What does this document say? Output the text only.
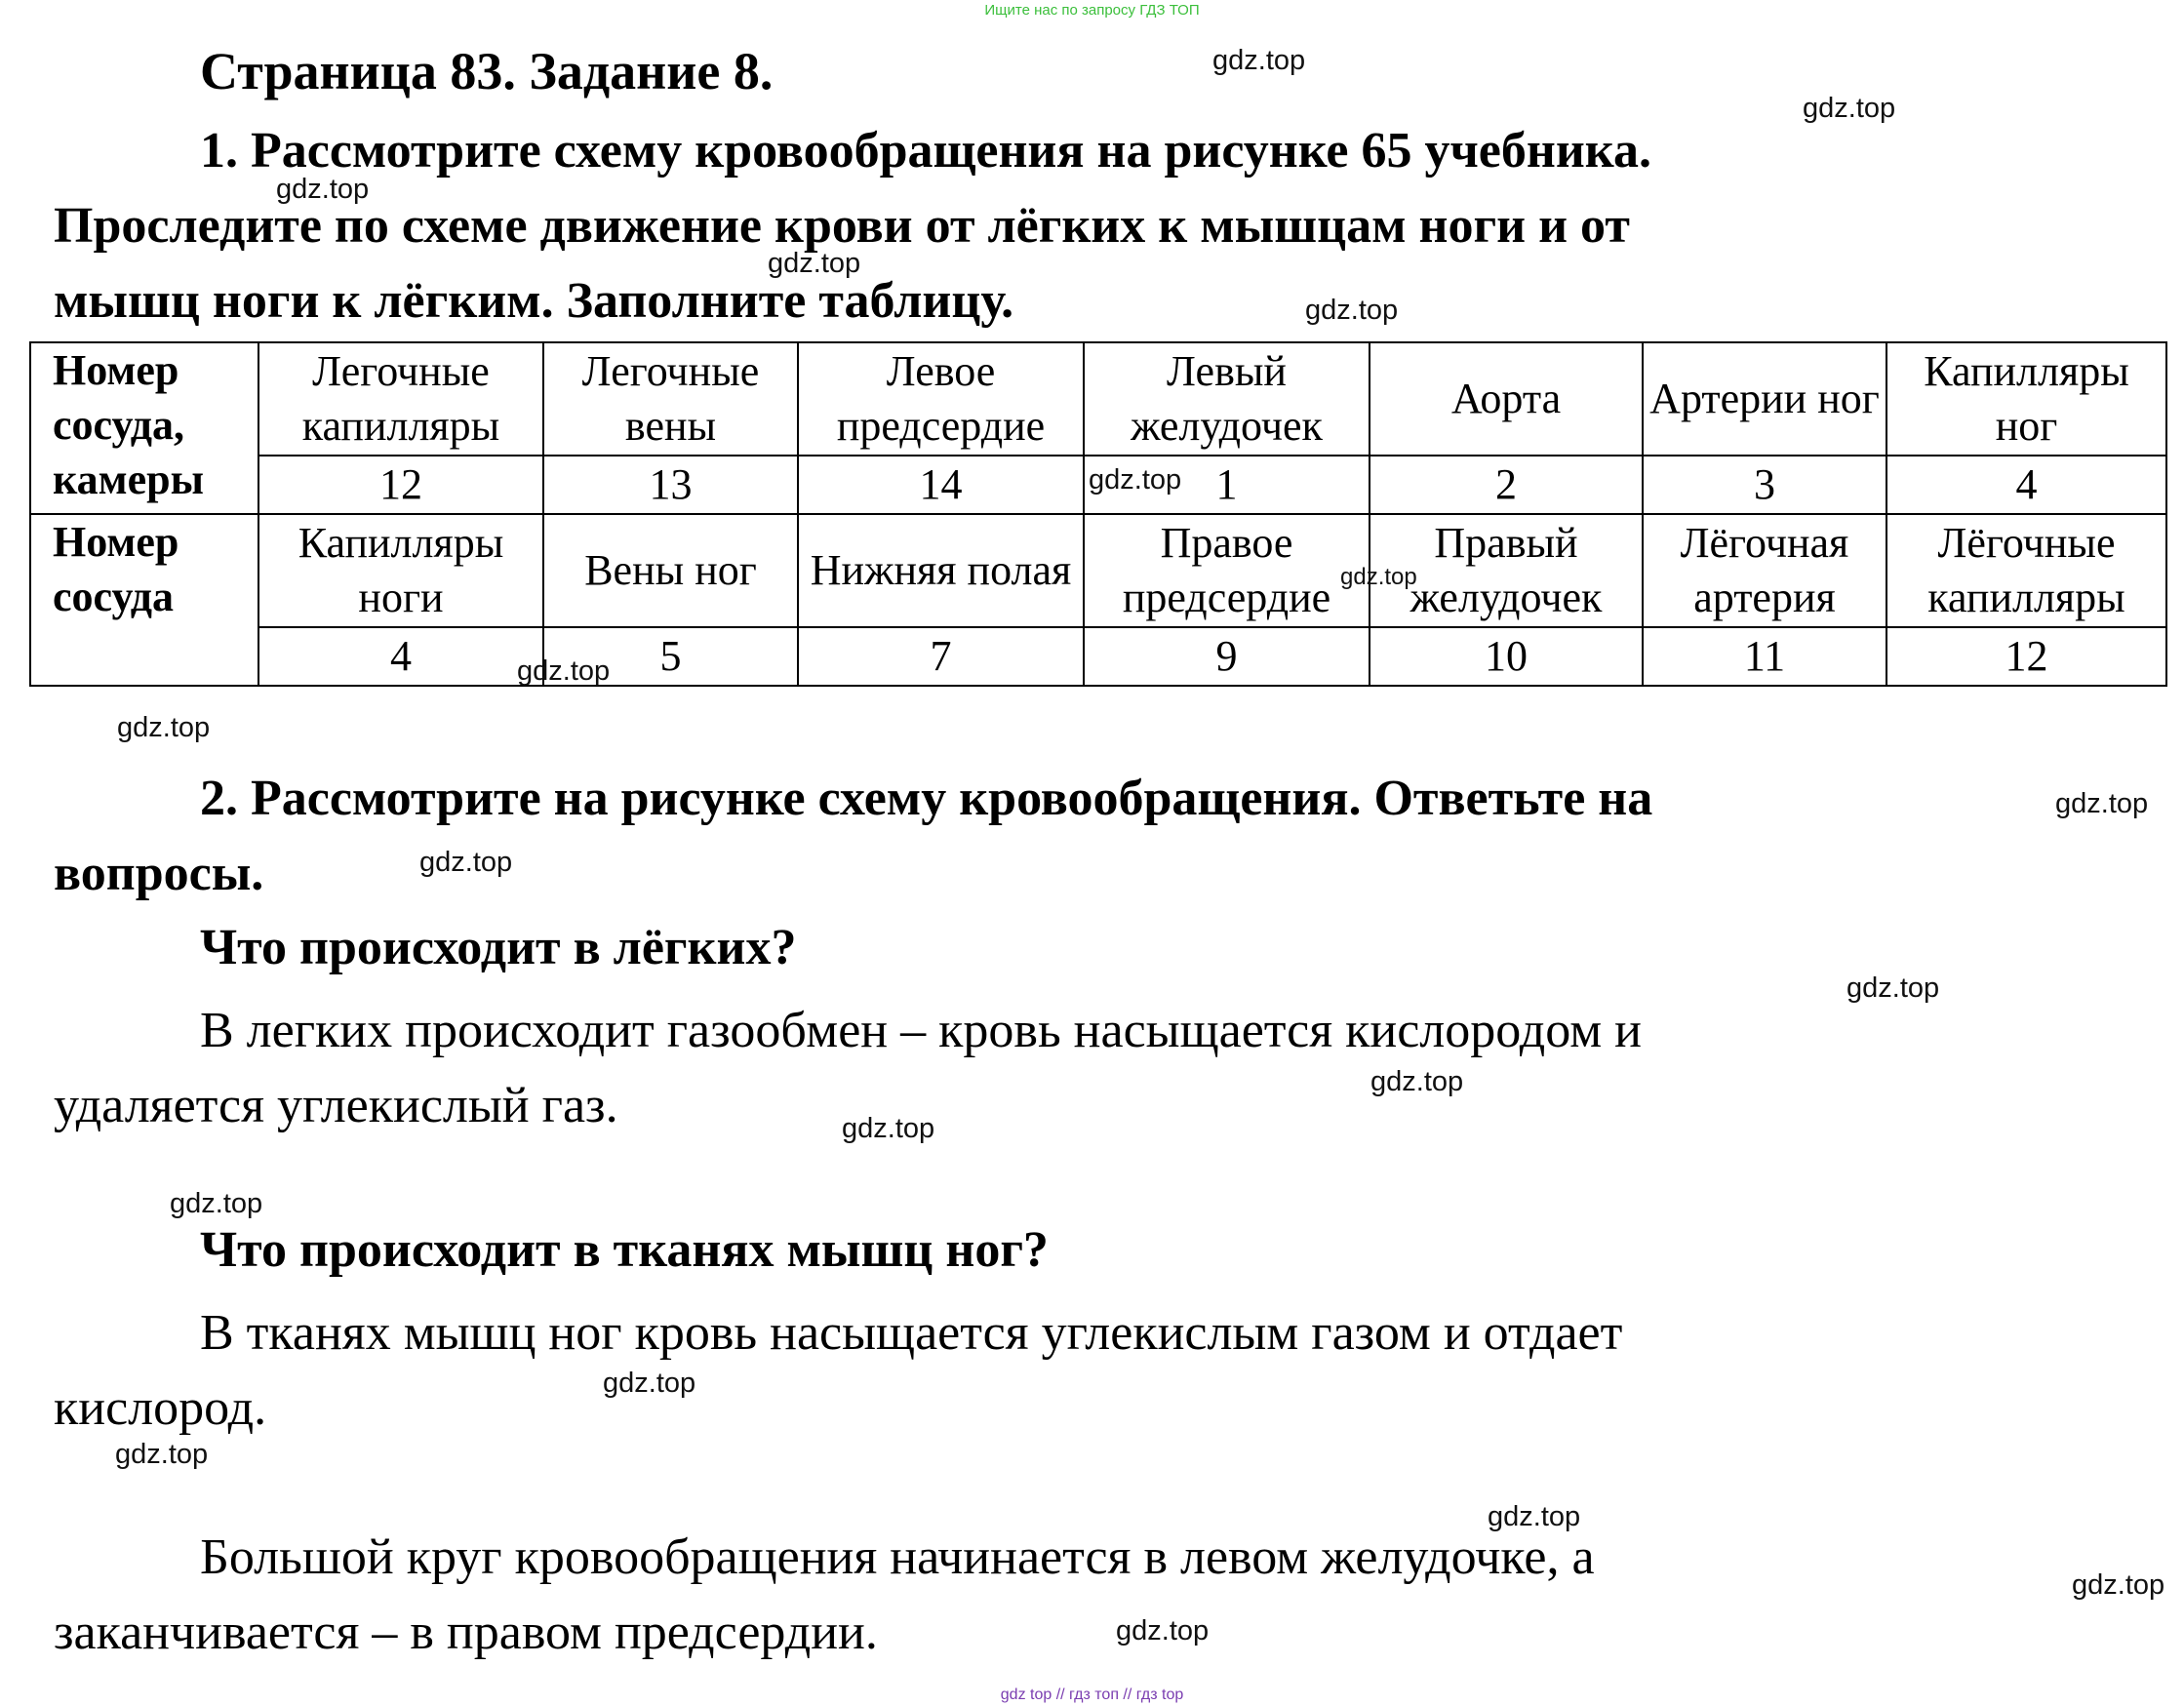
Ищите нас по запросу ГДЗ ТОП
gdz top // гдз топ // гдз top
Страница 83. Задание 8.
1. Рассмотрите схему кровообращения на рисунке 65 учебника.
Проследите по схеме движение крови от лёгких к мышцам ноги и от
мышц ноги к лёгким. Заполните таблицу.
Номер сосуда, камеры	Легочные капилляры	Легочные вены	Левое предсердие	Левый желудочек	Аорта	Артерии ног	Капилляры ног
	12	13	14	1	2	3	4
Номер сосуда	Капилляры ноги	Вены ног	Нижняя полая	Правое предсердие	Правый желудочек	Лёгочная артерия	Лёгочные капилляры
	4	5	7	9	10	11	12
2. Рассмотрите на рисунке схему кровообращения. Ответьте на
вопросы.
Что происходит в лёгких?
В легких происходит газообмен – кровь насыщается кислородом и
удаляется углекислый газ.
Что происходит в тканях мышц ног?
В тканях мышц ног кровь насыщается углекислым газом и отдает
кислород.
Большой круг кровообращения начинается в левом желудочке, а
заканчивается – в правом предсердии.
gdz.top
gdz.top
gdz.top
gdz.top
gdz.top
gdz.top
gdz.top
gdz.top
gdz.top
gdz.top
gdz.top
gdz.top
gdz.top
gdz.top
gdz.top
gdz.top
gdz.top
gdz.top
gdz.top
gdz.top
